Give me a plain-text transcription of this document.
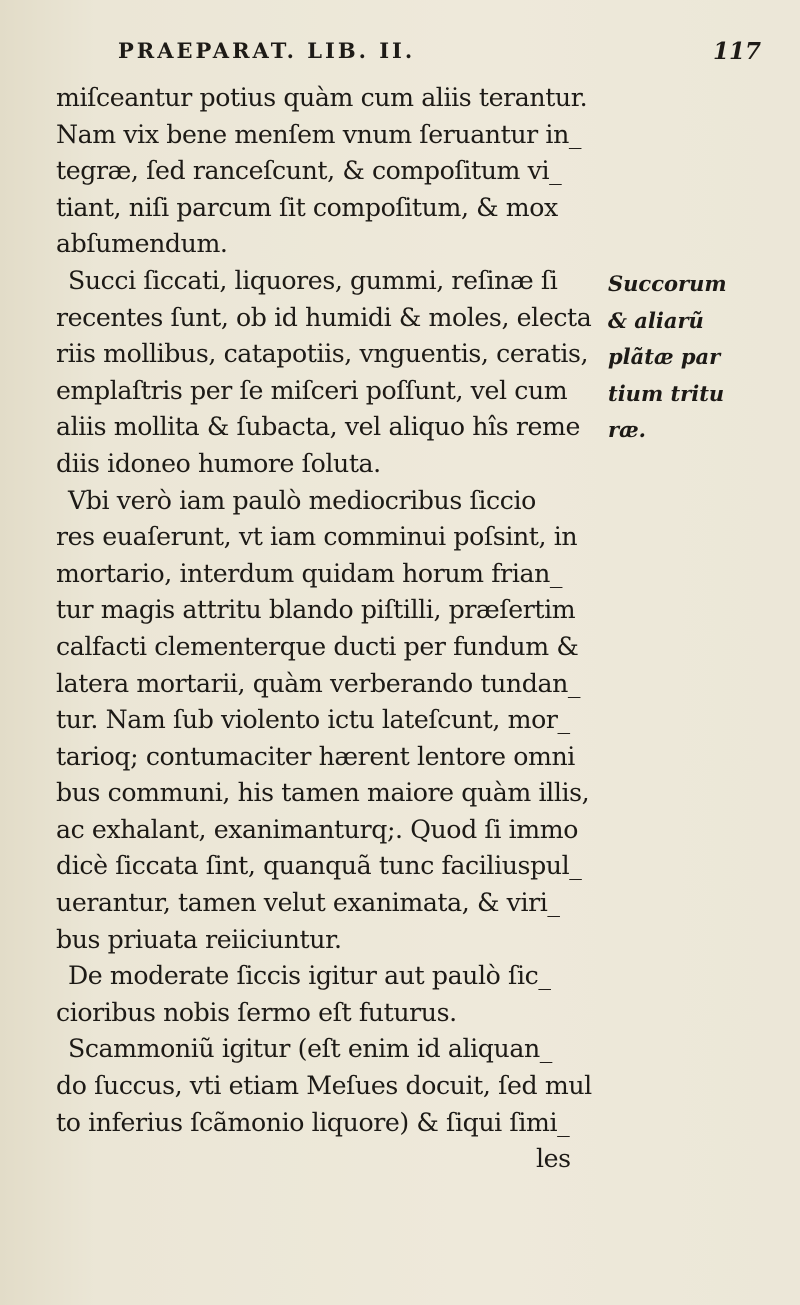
PRAEPARAT. LIB. II.	117
miſceantur potius quàm cum aliis terantur.
Nam vix bene menſem vnum ſeruantur in_
tegræ, ſed ranceſcunt, & compoſitum vi_
tiant, niſi parcum ſit compoſitum, & mox
abſumendum.
Succi ſiccati, liquores, gummi, reſinæ ſi
recentes ſunt, ob id humidi & moles, electa
riis mollibus, catapotiis, vnguentis, ceratis,
emplaſtris per ſe miſceri poſſunt, vel cum
aliis mollita & ſubacta, vel aliquo hîs reme
diis idoneo humore ſoluta.
Vbi verò iam paulò mediocribus ſiccio
res euaſerunt, vt iam comminui poſsint, in
mortario, interdum quidam horum frian_
tur magis attritu blando piſtilli, præſertim
calfacti clementerque ducti per fundum &
latera mortarii, quàm verberando tundan_
tur. Nam ſub violento ictu lateſcunt, mor_
tarioq; contumaciter hærent lentore omni
bus communi, his tamen maiore quàm illis,
ac exhalant, exanimanturq;. Quod ſi immo
dicè ſiccata ſint, quanquã tunc faciliuspul_
uerantur, tamen velut exanimata, & viri_
bus priuata reiiciuntur.
De moderate ſiccis igitur aut paulò ſic_
cioribus nobis ſermo eſt futurus.
Scammoniũ igitur (eſt enim id aliquan_
do ſuccus, vti etiam Meſues docuit, ſed mul
to inferius ſcãmonio liquore) & ſiqui ſimi_
les
Succorum
& aliarũ
plãtæ par
tium tritu
ræ.
